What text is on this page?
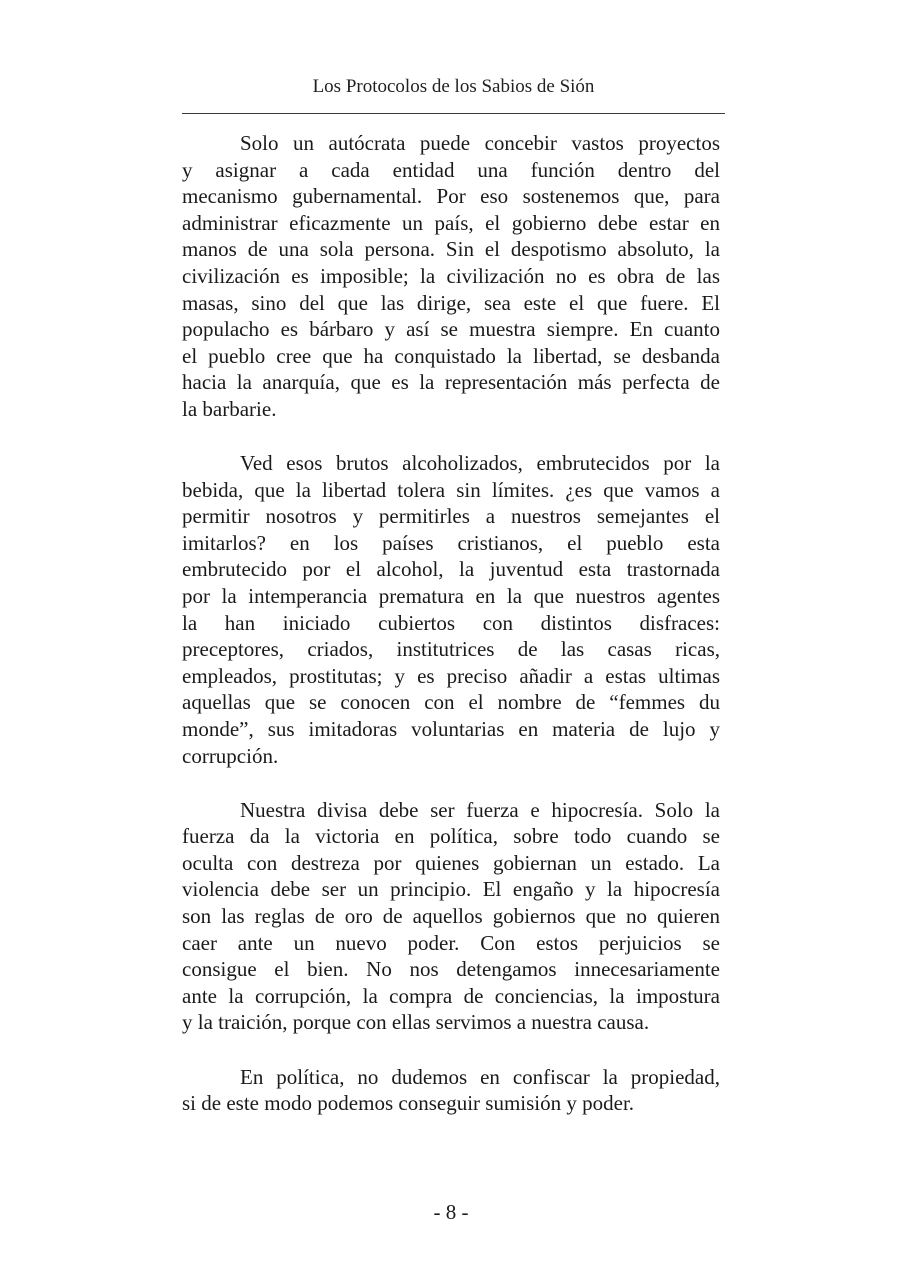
Los Protocolos de los Sabios de Sión
Solo un autócrata puede concebir vastos proyectos
y asignar a cada entidad una función dentro del
mecanismo gubernamental. Por eso sostenemos que, para
administrar eficazmente un país, el gobierno debe estar en
manos de una sola persona. Sin el despotismo absoluto, la
civilización es imposible; la civilización no es obra de las
masas, sino del que las dirige, sea este el que fuere. El
populacho es bárbaro y así se muestra siempre. En cuanto
el pueblo cree que ha conquistado la libertad, se desbanda
hacia la anarquía, que es la representación más perfecta de
la barbarie.
Ved esos brutos alcoholizados, embrutecidos por la
bebida, que la libertad tolera sin límites. ¿es que vamos a
permitir nosotros y permitirles a nuestros semejantes el
imitarlos? en los países cristianos, el pueblo esta
embrutecido por el alcohol, la juventud esta trastornada
por la intemperancia prematura en la que nuestros agentes
la han iniciado cubiertos con distintos disfraces:
preceptores, criados, institutrices de las casas ricas,
empleados, prostitutas; y es preciso añadir a estas ultimas
aquellas que se conocen con el nombre de “femmes du
monde”, sus imitadoras voluntarias en materia de lujo y
corrupción.
Nuestra divisa debe ser fuerza e hipocresía. Solo la
fuerza da la victoria en política, sobre todo cuando se
oculta con destreza por quienes gobiernan un estado. La
violencia debe ser un principio. El engaño y la hipocresía
son las reglas de oro de aquellos gobiernos que no quieren
caer ante un nuevo poder. Con estos perjuicios se
consigue el bien. No nos detengamos innecesariamente
ante la corrupción, la compra de conciencias, la impostura
y la traición, porque con ellas servimos a nuestra causa.
En política, no dudemos en confiscar la propiedad,
si de este modo podemos conseguir sumisión y poder.
- 8 -
